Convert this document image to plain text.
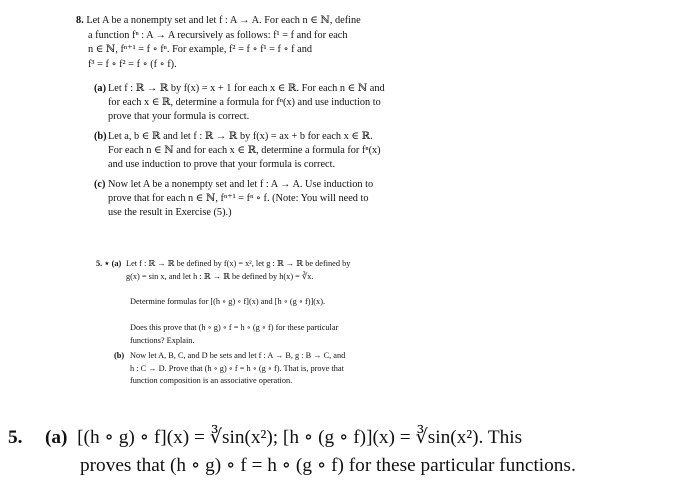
8. Let A be a nonempty set and let f : A → A. For each n ∈ ℕ, define
a function fⁿ : A → A recursively as follows: f¹ = f and for each
n ∈ ℕ, fⁿ⁺¹ = f ∘ fⁿ. For example, f² = f ∘ f¹ = f ∘ f and
f³ = f ∘ f² = f ∘ (f ∘ f).
(a) Let f : ℝ → ℝ by f(x) = x + 1 for each x ∈ ℝ. For each n ∈ ℕ and
for each x ∈ ℝ, determine a formula for fⁿ(x) and use induction to
prove that your formula is correct.
(b) Let a, b ∈ ℝ and let f : ℝ → ℝ by f(x) = ax + b for each x ∈ ℝ.
For each n ∈ ℕ and for each x ∈ ℝ, determine a formula for fⁿ(x)
and use induction to prove that your formula is correct.
(c) Now let A be a nonempty set and let f : A → A. Use induction to
prove that for each n ∈ ℕ, fⁿ⁺¹ = fⁿ ∘ f. (Note: You will need to
use the result in Exercise (5).)
5. ⋆ (a) Let f : ℝ → ℝ be defined by f(x) = x², let g : ℝ → ℝ be defined by
g(x) = sin x, and let h : ℝ → ℝ be defined by h(x) = ∛x.
Determine formulas for [(h ∘ g) ∘ f](x) and [h ∘ (g ∘ f)](x).
Does this prove that (h ∘ g) ∘ f = h ∘ (g ∘ f) for these particular
functions? Explain.
(b) Now let A, B, C, and D be sets and let f : A → B, g : B → C, and
h : C → D. Prove that (h ∘ g) ∘ f = h ∘ (g ∘ f). That is, prove that
function composition is an associative operation.
5. (a) [(h ∘ g) ∘ f](x) = ∛sin(x²); [h ∘ (g ∘ f)](x) = ∛sin(x²). This
proves that (h ∘ g) ∘ f = h ∘ (g ∘ f) for these particular functions.
